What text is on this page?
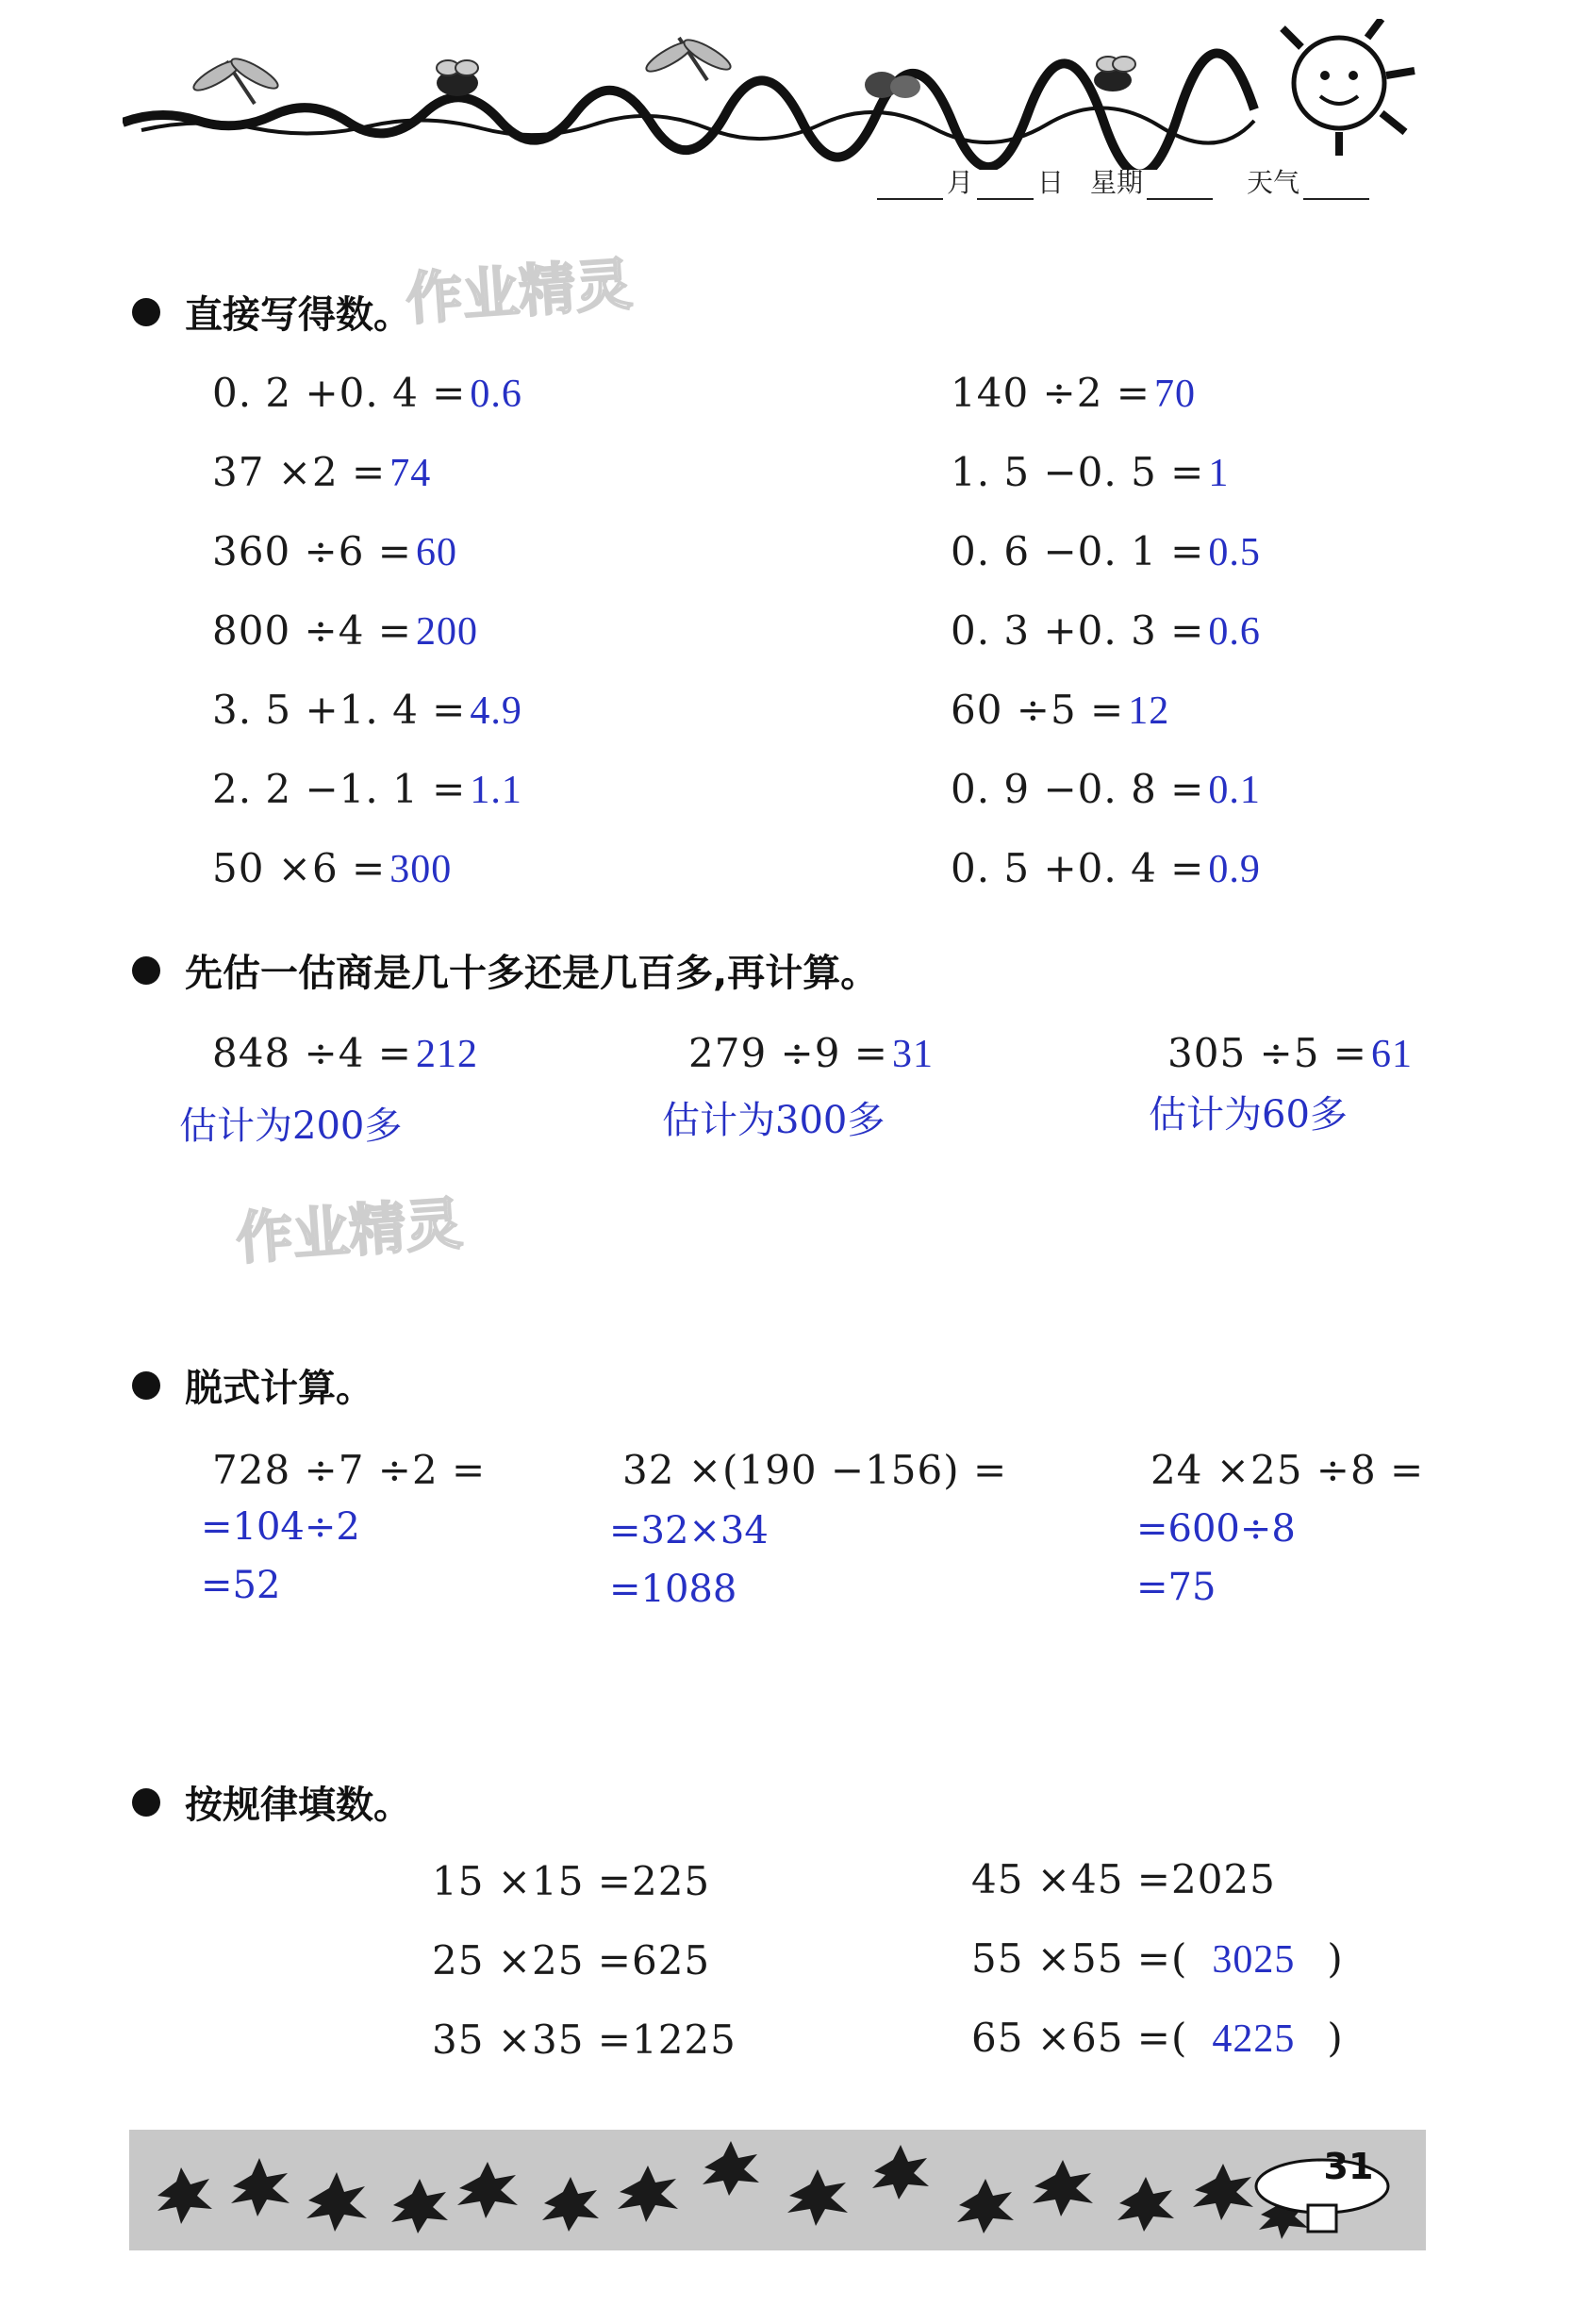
月 日 星期	天气
作业精灵
作业精灵
直接写得数。
0. 2 +0. 4 =0.6
37 ×2 =74
360 ÷6 =60
800 ÷4 =200
3. 5 +1. 4 =4.9
2. 2 −1. 1 =1.1
50 ×6 =300
140 ÷2 =70
1. 5 −0. 5 =1
0. 6 −0. 1 =0.5
0. 3 +0. 3 =0.6
60 ÷5 =12
0. 9 −0. 8 =0.1
0. 5 +0. 4 =0.9
先估一估商是几十多还是几百多,再计算。
848 ÷4 =212
估计为200多
279 ÷9 =31
估计为300多
305 ÷5 =61
估计为60多
脱式计算。
728 ÷7 ÷2 =
=104÷2
=52
32 ×(190 −156) =
=32×34
=1088
24 ×25 ÷8 =
=600÷8
=75
按规律填数。
15 ×15 =225
25 ×25 =625
35 ×35 =1225
45 ×45 =2025
55 ×55 =( 3025 )
65 ×65 =( 4225 )
31
